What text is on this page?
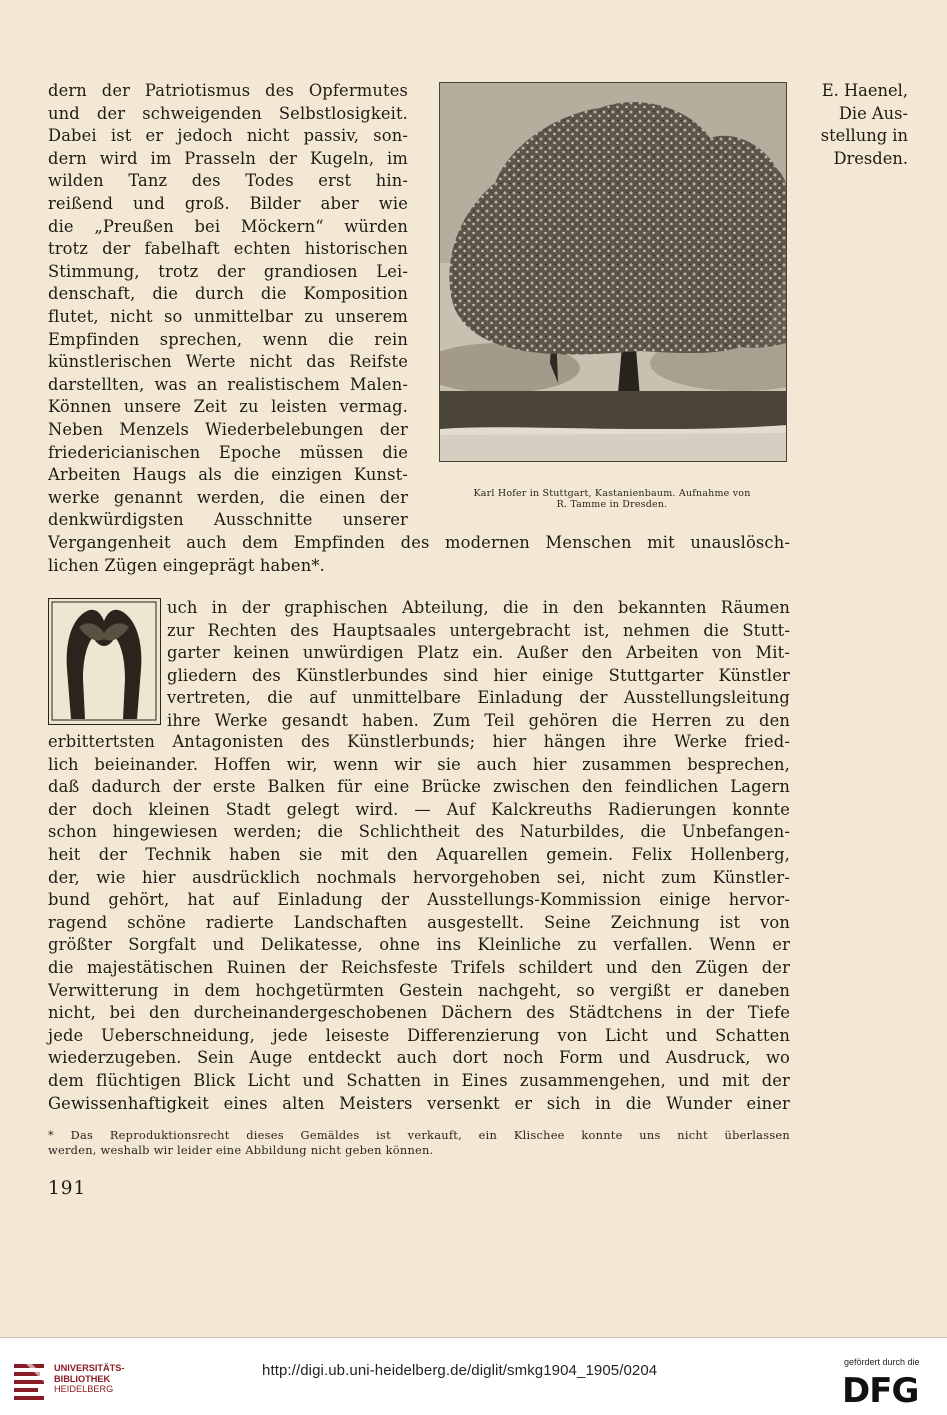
E. Haenel,
Die Aus-
stellung in
Dresden.

dern der Patriotismus des Opfermutes

und der schweigenden Selbstlosigkeit.

Dabei ist er jedoch nicht passiv, son-

dern wird im Prasseln der Kugeln, im

wilden Tanz des Todes erst hin-

reißend und groß. Bilder aber wie

die „Preußen bei Möckern“ würden

trotz der fabelhaft echten historischen

Stimmung, trotz der grandiosen Lei-

denschaft, die durch die Komposition

flutet, nicht so unmittelbar zu unserem

Empfinden sprechen, wenn die rein

künstlerischen Werte nicht das Reifste

darstellten, was an realistischem Malen-

Können unsere Zeit zu leisten vermag.

Neben Menzels Wiederbelebungen der

friedericianischen Epoche müssen die

Arbeiten Haugs als die einzigen Kunst-

werke genannt werden, die einen der

denkwürdigsten Ausschnitte unserer

Karl Hofer in Stuttgart, Kastanienbaum. Aufnahme von
R. Tamme in Dresden.

Vergangenheit auch dem Empfinden des modernen Menschen mit unauslösch-

lichen Zügen eingeprägt haben*.

A

uch in der graphischen Abteilung, die in den bekannten Räumen

zur Rechten des Hauptsaales untergebracht ist, nehmen die Stutt-

garter keinen unwürdigen Platz ein. Außer den Arbeiten von Mit-

gliedern des Künstlerbundes sind hier einige Stuttgarter Künstler

vertreten, die auf unmittelbare Einladung der Ausstellungsleitung

ihre Werke gesandt haben. Zum Teil gehören die Herren zu den

erbittertsten Antagonisten des Künstlerbunds; hier hängen ihre Werke fried-

lich beieinander. Hoffen wir, wenn wir sie auch hier zusammen besprechen,

daß dadurch der erste Balken für eine Brücke zwischen den feindlichen Lagern

der doch kleinen Stadt gelegt wird. — Auf Kalckreuths Radierungen konnte

schon hingewiesen werden; die Schlichtheit des Naturbildes, die Unbefangen-

heit der Technik haben sie mit den Aquarellen gemein. Felix Hollenberg,

der, wie hier ausdrücklich nochmals hervorgehoben sei, nicht zum Künstler-

bund gehört, hat auf Einladung der Ausstellungs-Kommission einige hervor-

ragend schöne radierte Landschaften ausgestellt. Seine Zeichnung ist von

größter Sorgfalt und Delikatesse, ohne ins Kleinliche zu verfallen. Wenn er

die majestätischen Ruinen der Reichsfeste Trifels schildert und den Zügen der

Verwitterung in dem hochgetürmten Gestein nachgeht, so vergißt er daneben

nicht, bei den durcheinandergeschobenen Dächern des Städtchens in der Tiefe

jede Ueberschneidung, jede leiseste Differenzierung von Licht und Schatten

wiederzugeben. Sein Auge entdeckt auch dort noch Form und Ausdruck, wo

dem flüchtigen Blick Licht und Schatten in Eines zusammengehen, und mit der

Gewissenhaftigkeit eines alten Meisters versenkt er sich in die Wunder einer

* Das Reproduktionsrecht dieses Gemäldes ist verkauft, ein Klischee konnte uns nicht überlassen

werden, weshalb wir leider eine Abbildung nicht geben können.

191
UNIVERSITÄTS-
BIBLIOTHEK
HEIDELBERG
http://digi.ub.uni-heidelberg.de/diglit/smkg1904_1905/0204	gefördert durch die
DFG
